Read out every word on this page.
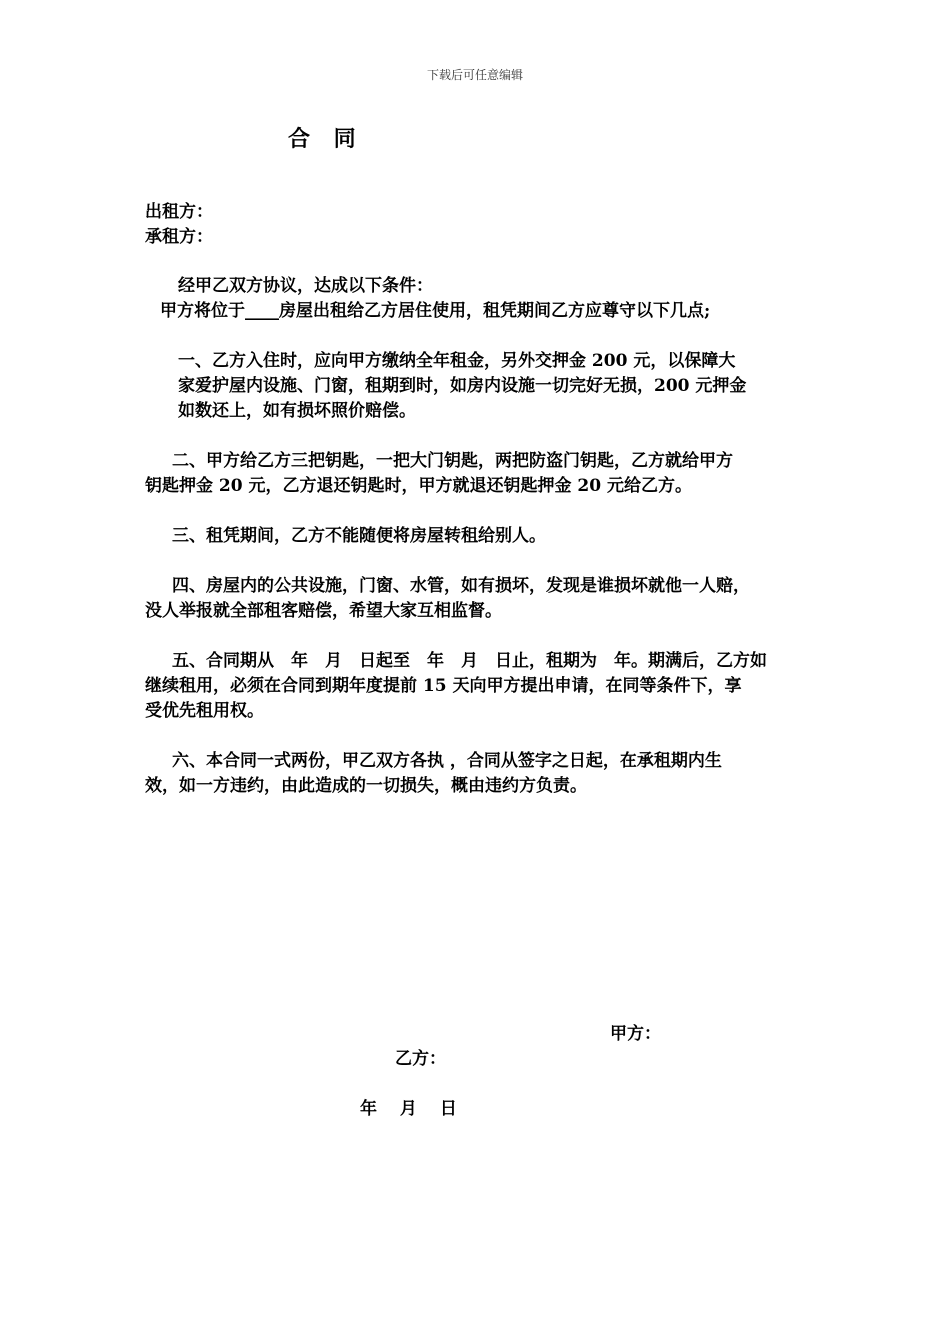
下载后可任意编辑
合 同
出租方：
承租方：
经甲乙双方协议，达成以下条件：
甲方将位于____房屋出租给乙方居住使用，租凭期间乙方应尊守以下几点;
一、乙方入住时，应向甲方缴纳全年租金，另外交押金 200 元，以保障大
家爱护屋内设施、门窗，租期到时，如房内设施一切完好无损，200 元押金
如数还上，如有损坏照价赔偿。
二、甲方给乙方三把钥匙，一把大门钥匙，两把防盗门钥匙，乙方就给甲方
钥匙押金 20 元，乙方退还钥匙时，甲方就退还钥匙押金 20 元给乙方。
三、租凭期间，乙方不能随便将房屋转租给别人。
四、房屋内的公共设施，门窗、水管，如有损坏，发现是谁损坏就他一人赔，
没人举报就全部租客赔偿，希望大家互相监督。
五、合同期从　年　月　日起至　年　月　日止，租期为　年。期满后，乙方如
继续租用，必须在合同到期年度提前 15 天向甲方提出申请，在同等条件下，享
受优先租用权。
六、本合同一式两份，甲乙双方各执 ，合同从签字之日起，在承租期内生
效，如一方违约，由此造成的一切损失，概由违约方负责。
甲方：
乙方：
年　 月　 日
